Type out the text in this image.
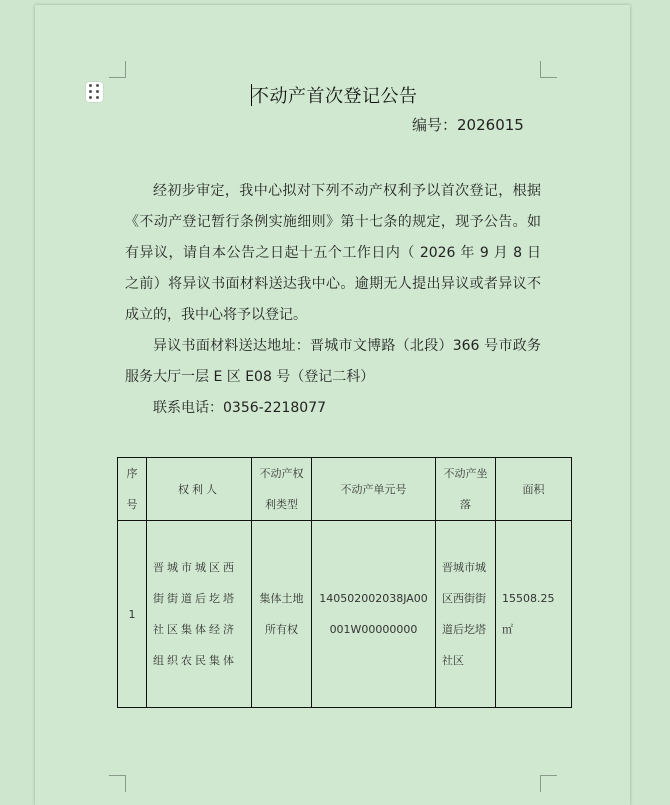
不动产首次登记公告
编号：2026015

经初步审定，我中心拟对下列不动产权利予以首次登记，根据《不动产登记暂行条例实施细则》第十七条的规定，现予公告。如有异议，请自本公告之日起十五个工作日内（ 2026 年 9 月 8 日之前）将异议书面材料送达我中心。逾期无人提出异议或者异议不成立的，我中心将予以登记。

异议书面材料送达地址：晋城市文博路（北段）366 号市政务服务大厅一层 E 区 E08 号（登记二科）

联系电话：0356-2218077

序号	权利人	不动产权利类型	不动产单元号	不动产坐落	面积
1	晋城市城区西街街道后圪塔社区集体经济组织农民集体	集体土地所有权	140502002038JA00001W00000000	晋城市城区西街街道后圪塔社区	15508.25 ㎡
